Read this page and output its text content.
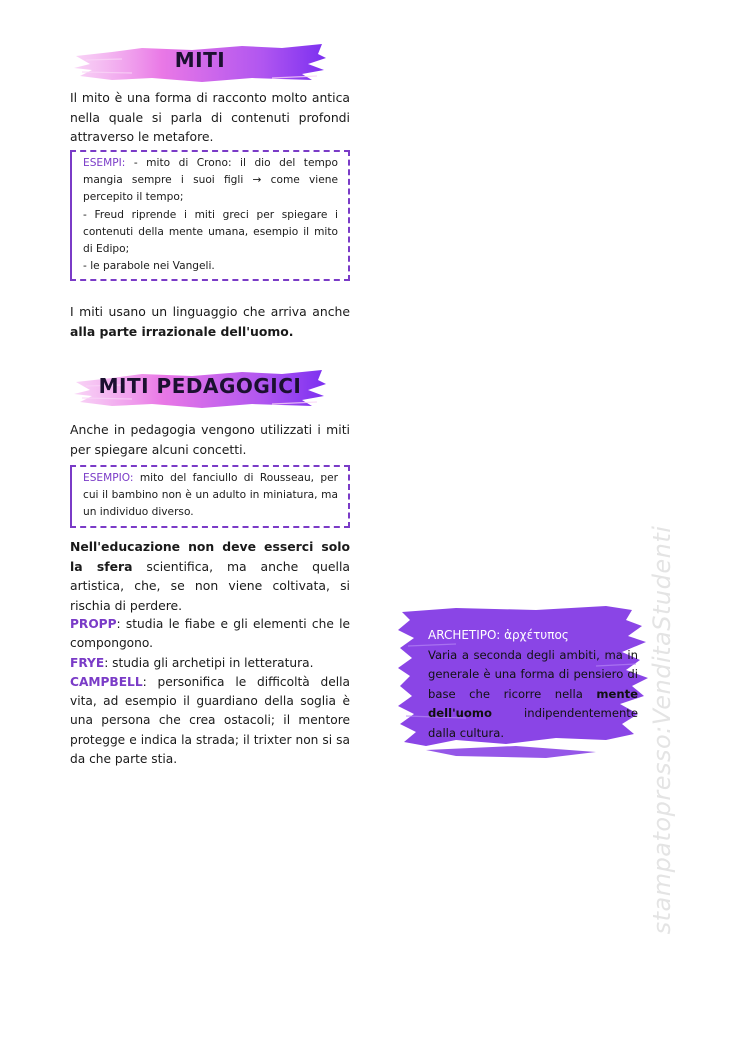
MITI
Il mito è una forma di racconto molto antica nella quale si parla di contenuti profondi attraverso le metafore.
ESEMPI: - mito di Crono: il dio del tempo mangia sempre i suoi figli → come viene percepito il tempo;
- Freud riprende i miti greci per spiegare i contenuti della mente umana, esempio il mito di Edipo;
- le parabole nei Vangeli.
I miti usano un linguaggio che arriva anche alla parte irrazionale dell'uomo.
MITI PEDAGOGICI
Anche in pedagogia vengono utilizzati i miti per spiegare alcuni concetti.
ESEMPIO: mito del fanciullo di Rousseau, per cui il bambino non è un adulto in miniatura, ma un individuo diverso.
Nell'educazione non deve esserci solo la sfera scientifica, ma anche quella artistica, che, se non viene coltivata, si rischia di perdere.
PROPP: studia le fiabe e gli elementi che le compongono.
FRYE: studia gli archetipi in letteratura.
CAMPBELL: personifica le difficoltà della vita, ad esempio il guardiano della soglia è una persona che crea ostacoli; il mentore protegge e indica la strada; il trixter non si sa da che parte stia.
ARCHETIPO: ἀρχέτυπος
Varia a seconda degli ambiti, ma in generale è una forma di pensiero di base che ricorre nella mente dell'uomo indipendentemente dalla cultura.	stampatopresso:VenditaStudenti
